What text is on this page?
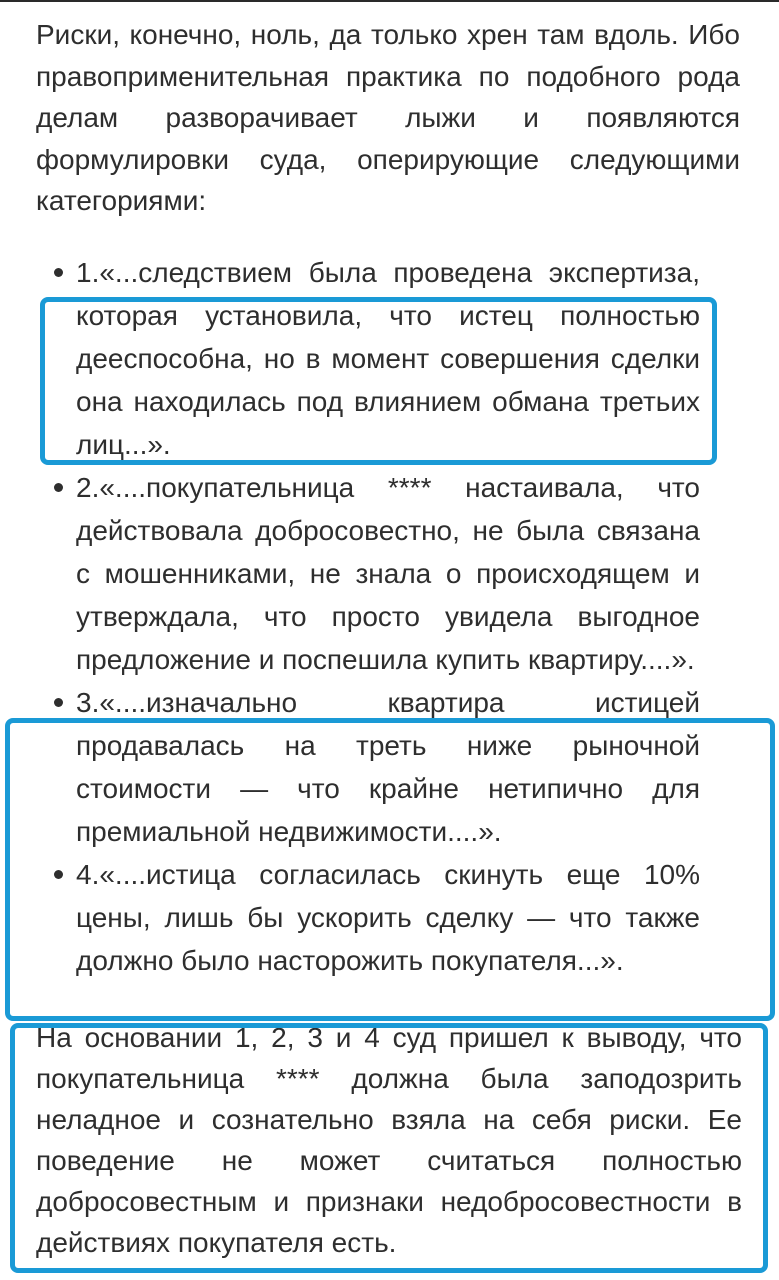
Риски, конечно, ноль, да только хрен там вдоль. Ибо правоприменительная практика по подобного рода делам разворачивает лыжи и появляются формулировки суда, оперирующие следующими категориями:

1.«...следствием была проведена экспертиза, которая установила, что истец полностью дееспособна, но в момент совершения сделки она находилась под влиянием обмана третьих лиц...».
2.«....покупательница **** настаивала, что действовала добросовестно, не была связана с мошенниками, не знала о происходящем и утверждала, что просто увидела выгодное предложение и поспешила купить квартиру....».
3.«....изначально квартира истицей продавалась на треть ниже рыночной стоимости — что крайне нетипично для премиальной недвижимости....».
4.«....истица согласилась скинуть еще 10% цены, лишь бы ускорить сделку — что также должно было насторожить покупателя...».

На основании 1, 2, 3 и 4 суд пришел к выводу, что покупательница **** должна была заподозрить неладное и сознательно взяла на себя риски. Ее поведение не может считаться полностью добросовестным и признаки недобросовестности в действиях покупателя есть.
